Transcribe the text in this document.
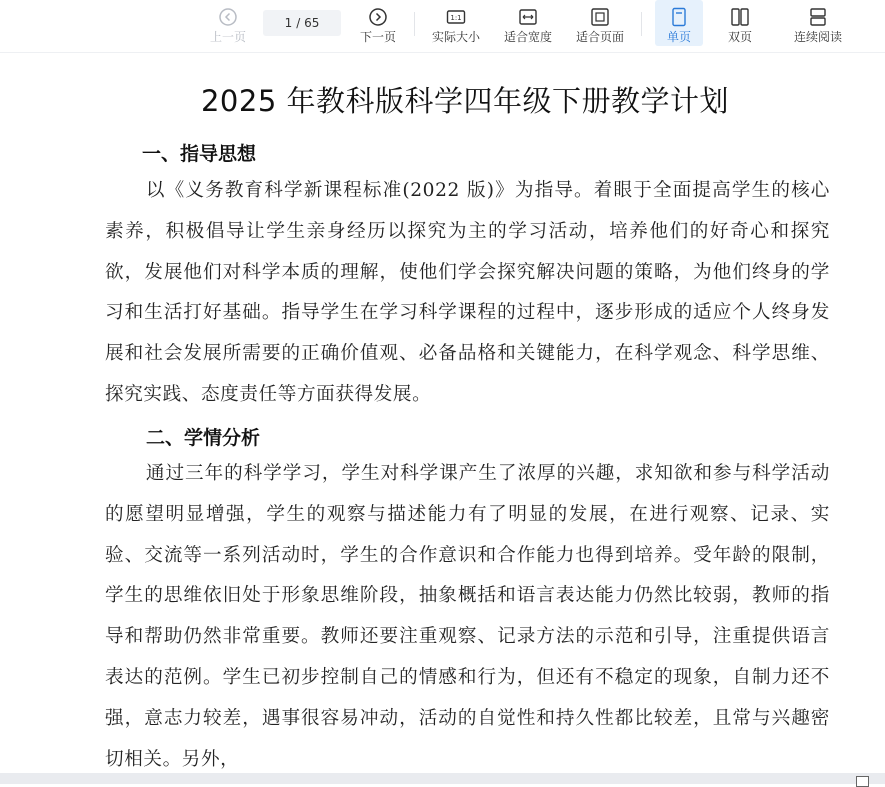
上一页
1 / 65
下一页
1:1
实际大小 适合宽度 适合页面	单页	双页	连续阅读
2025 年教科版科学四年级下册教学计划
一、指导思想

以《义务教育科学新课程标准(2022 版)》为指导。着眼于全面提高学生的核心素养，积极倡导让学生亲身经历以探究为主的学习活动，培养他们的好奇心和探究欲，发展他们对科学本质的理解，使他们学会探究解决问题的策略，为他们终身的学习和生活打好基础。指导学生在学习科学课程的过程中，逐步形成的适应个人终身发展和社会发展所需要的正确价值观、必备品格和关键能力，在科学观念、科学思维、探究实践、态度责任等方面获得发展。

二、学情分析

通过三年的科学学习，学生对科学课产生了浓厚的兴趣，求知欲和参与科学活动的愿望明显增强，学生的观察与描述能力有了明显的发展，在进行观察、记录、实验、交流等一系列活动时，学生的合作意识和合作能力也得到培养。受年龄的限制，学生的思维依旧处于形象思维阶段，抽象概括和语言表达能力仍然比较弱，教师的指导和帮助仍然非常重要。教师还要注重观察、记录方法的示范和引导，注重提供语言表达的范例。学生已初步控制自己的情感和行为，但还有不稳定的现象，自制力还不强，意志力较差，遇事很容易冲动，活动的自觉性和持久性都比较差，且常与兴趣密切相关。另外，
